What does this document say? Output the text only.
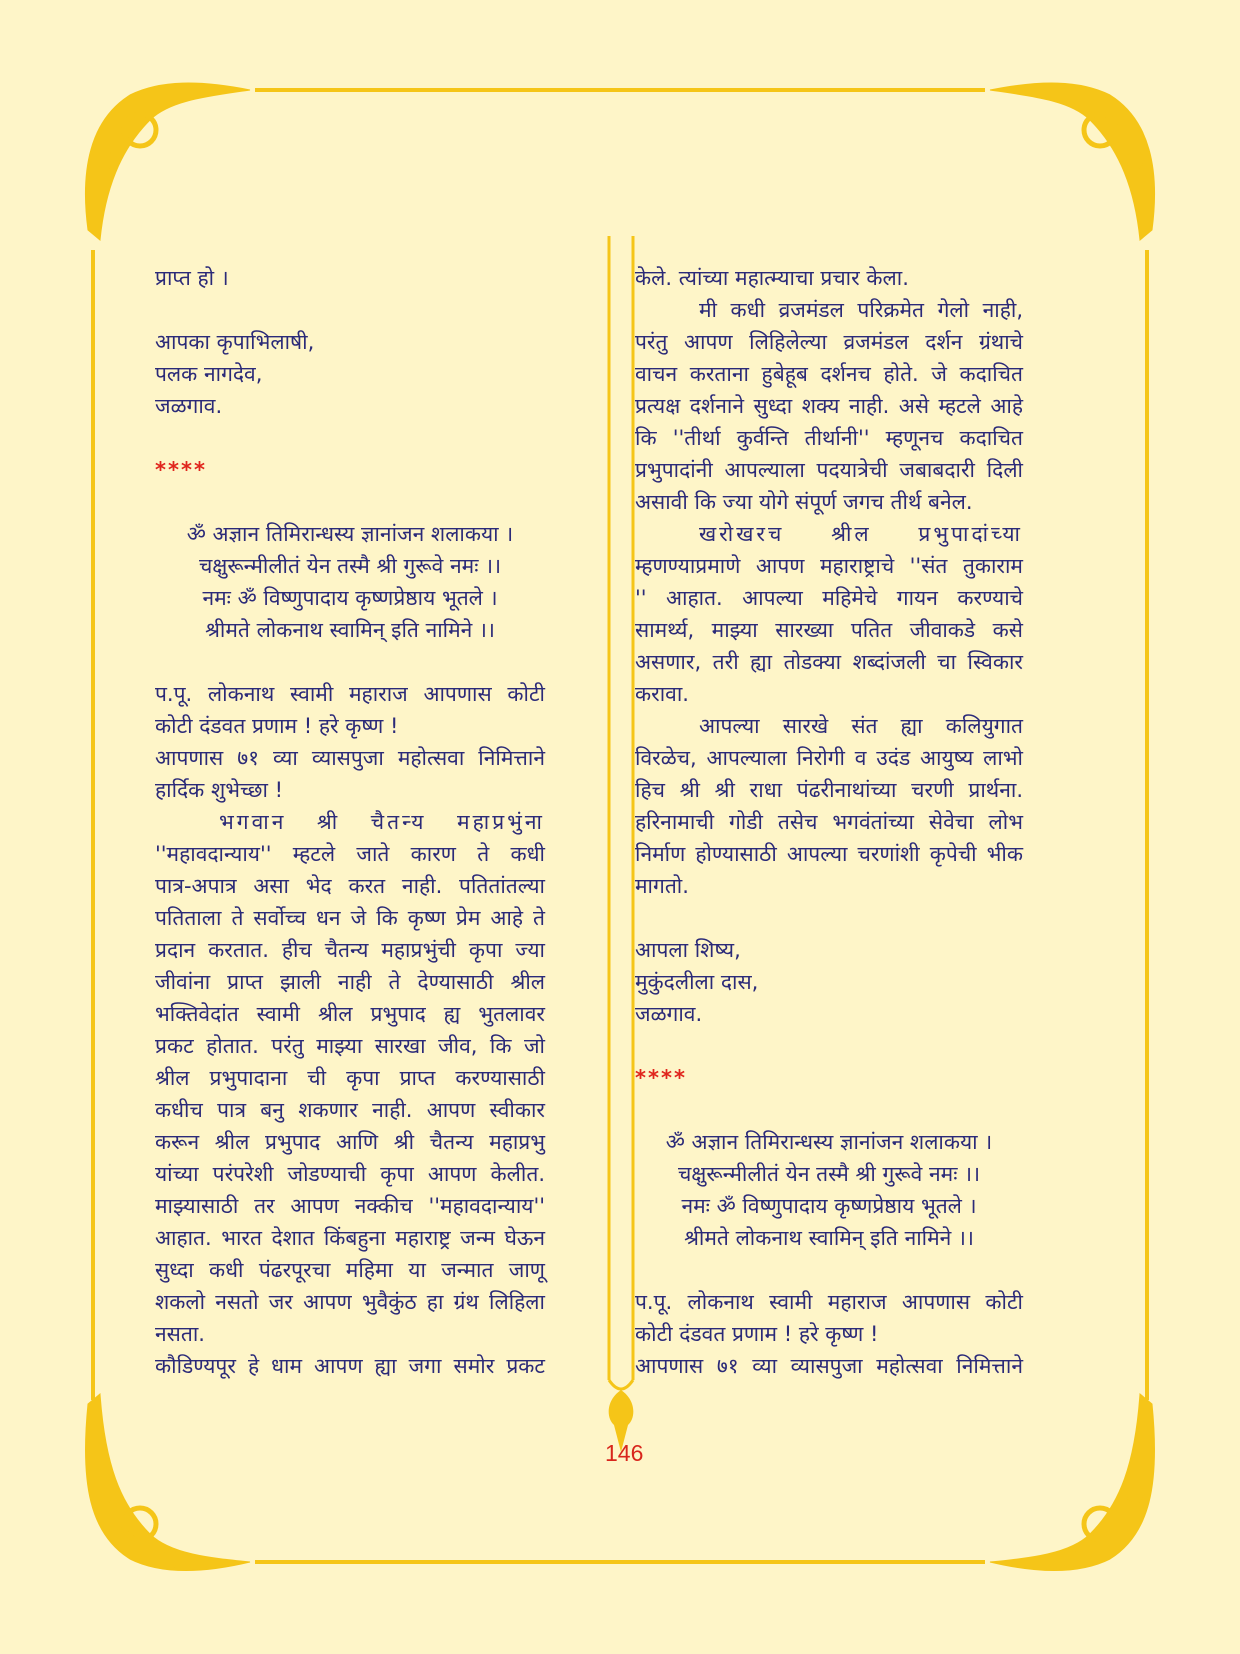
प्राप्त हो ।
आपका कृपाभिलाषी,
पलक नागदेव,
जळगाव.
****
ॐ अज्ञान तिमिरान्धस्य ज्ञानांजन शलाकया ।
चक्षुरून्मीलीतं येन तस्मै श्री गुरूवे नमः ।।
नमः ॐ विष्णुपादाय कृष्णप्रेष्ठाय भूतले ।
श्रीमते लोकनाथ स्वामिन् इति नामिने ।।
प.पू. लोकनाथ स्वामी महाराज आपणास कोटी
कोटी दंडवत प्रणाम ! हरे कृष्ण !
आपणास ७१ व्या व्यासपुजा महोत्सवा निमित्ताने
हार्दिक शुभेच्छा !
भगवान श्री चैतन्य महाप्रभुंना
''महावदान्याय'' म्हटले जाते कारण ते कधी
पात्र-अपात्र असा भेद करत नाही. पतितांतल्या
पतिताला ते सर्वोच्च धन जे कि कृष्ण प्रेम आहे ते
प्रदान करतात. हीच चैतन्य महाप्रभुंची कृपा ज्या
जीवांना प्राप्त झाली नाही ते देण्यासाठी श्रील
भक्तिवेदांत स्वामी श्रील प्रभुपाद ह्य भुतलावर
प्रकट होतात. परंतु माझ्या सारखा जीव, कि जो
श्रील प्रभुपादाना ची कृपा प्राप्त करण्यासाठी
कधीच पात्र बनु शकणार नाही. आपण स्वीकार
करून श्रील प्रभुपाद आणि श्री चैतन्य महाप्रभु
यांच्या परंपरेशी जोडण्याची कृपा आपण केलीत.
माझ्यासाठी तर आपण नक्कीच ''महावदान्याय''
आहात. भारत देशात किंबहुना महाराष्ट्र जन्म घेऊन
सुध्दा कधी पंढरपूरचा महिमा या जन्मात जाणू
शकलो नसतो जर आपण भुवैकुंठ हा ग्रंथ लिहिला
नसता.
कौडिण्यपूर हे धाम आपण ह्या जगा समोर प्रकट
केले. त्यांच्या महात्म्याचा प्रचार केला.
मी कधी व्रजमंडल परिक्रमेत गेलो नाही,
परंतु आपण लिहिलेल्या व्रजमंडल दर्शन ग्रंथाचे
वाचन करताना हुबेहूब दर्शनच होते. जे कदाचित
प्रत्यक्ष दर्शनाने सुध्दा शक्य नाही. असे म्हटले आहे
कि ''तीर्था कुर्वन्ति तीर्थानी'' म्हणूनच कदाचित
प्रभुपादांनी आपल्याला पदयात्रेची जबाबदारी दिली
असावी कि ज्या योगे संपूर्ण जगच तीर्थ बनेल.
खरोखरच श्रील प्रभुपादांच्या
म्हणण्याप्रमाणे आपण महाराष्ट्राचे ''संत तुकाराम
'' आहात. आपल्या महिमेचे गायन करण्याचे
सामर्थ्य, माझ्या सारख्या पतित जीवाकडे कसे
असणार, तरी ह्या तोडक्या शब्दांजली चा स्विकार
करावा.
आपल्या सारखे संत ह्या कलियुगात
विरळेच, आपल्याला निरोगी व उदंड आयुष्य लाभो
हिच श्री श्री राधा पंढरीनाथांच्या चरणी प्रार्थना.
हरिनामाची गोडी तसेच भगवंतांच्या सेवेचा लोभ
निर्माण होण्यासाठी आपल्या चरणांशी कृपेची भीक
मागतो.
आपला शिष्य,
मुकुंदलीला दास,
जळगाव.
****
ॐ अज्ञान तिमिरान्धस्य ज्ञानांजन शलाकया ।
चक्षुरून्मीलीतं येन तस्मै श्री गुरूवे नमः ।।
नमः ॐ विष्णुपादाय कृष्णप्रेष्ठाय भूतले ।
श्रीमते लोकनाथ स्वामिन् इति नामिने ।।
प.पू. लोकनाथ स्वामी महाराज आपणास कोटी
कोटी दंडवत प्रणाम ! हरे कृष्ण !
आपणास ७१ व्या व्यासपुजा महोत्सवा निमित्ताने
146
